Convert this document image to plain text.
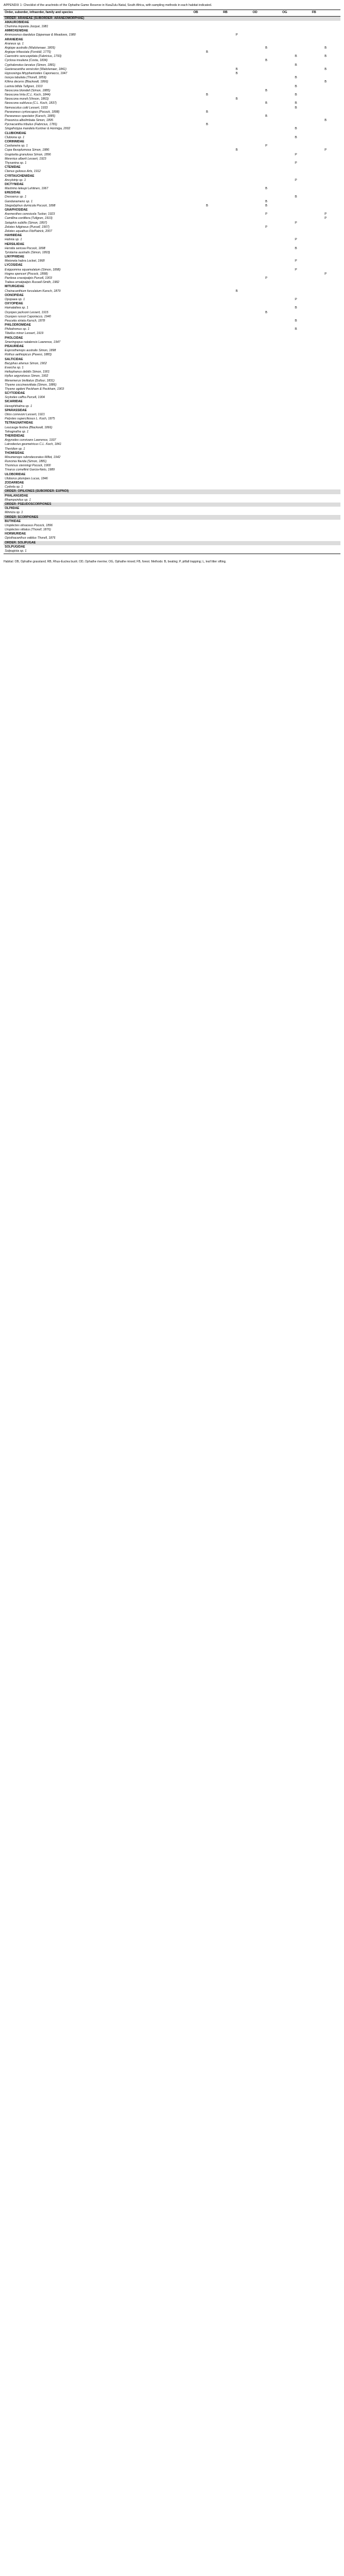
APPENDIX 1: Checklist of the arachnids of the Ophathe Game Reserve in KwaZulu-Natal, South Africa, with sampling methods in each habitat indicated.

Order, suborder, infraorder, family and species	OB	RB	OD	OG	FB
ORDER: ARANEAE (SUBORDER: ARANEOMORPHAE)					
AMAUROBIIDAE					
Chumma inquieta Jocqué, 1981					
AMMOXENIDAE					
Ammoxenus daedalus Dippenaar & Meadows, 1980		P			
ARANEIDAE					
Araneus sp. 1					
Argiope australis (Walckenaer, 1805)			B		B
Argiope trifasciata (Forskål, 1775)	B				
Caerostris sexcuspidata (Fabricius, 1793)				B	B
Cyclosa insulana (Costa, 1834)			B		
Cyphalonotus larvatus (Simon, 1881)				B	
Gasteracantha versicolor (Walckenaer, 1841)		B			B
Hypsosinga lithyphantoides Caporiacco, 1947		B			
Isoxya tabulata (Thorell, 1859)				B	
Kilima decens (Blackwall, 1866)					B
Larinia bifida Tullgren, 1910				B	
Neoscona blondeli (Simon, 1885)			B		
Neoscona hirta (C.L. Koch, 1844)	B			B	
Neoscona moreli (Vinson, 1863)		B			
Neoscona subfusca (C.L. Koch, 1837)			B	B	
Nemoscolus cotti Lessert, 1933				B	
Pararaneus cyrtoscapus (Pocock, 1898)	B				
Pararaneus spectator (Karsch, 1885)			B		
Prasonica albolimbata Simon, 1895					B
Pycnacantha tribulus (Fabricius, 1781)	B				
Singafrotypa mandela Kuntner & Hormiga, 2002				B	
CLUBIONIDAE					
Clubiona sp. 1				B	
CORINNIDAE					
Castianeira sp. 1			P		
Copa flavoplumosa Simon, 1886		B			P
Graptartia granulosa Simon, 1896				P	
Merenius alberti Lessert, 1923					
Thysanina sp. 1				P	
CTENIDAE					
Ctenus gulosus Arts, 1912					
CYRTAUCHENIIDAE					
Ancylotrip sp. 1				P	
DICTYNIDAE					
Mashimo leleupi Lehtinen, 1967			B		
ERESIDAE					
Dresserus sp. 1				B	
Gandanameno sp. 1			B		
Stegodyphus dumicola Pocock, 1898	B		B		
GNAPHOSIDAE					
Asemesthes ceresicola Tucker, 1923			P		P
Camillina cordifera (Tullgren, 1910)					P
Setaphis subtilis (Simon, 1897)				P	
Zelotes fuligineus (Purcell, 1907)			P		
Zelotes uquathus FitzPatrick, 2007					
HAHNIIDAE					
Hahnia sp. 1				P	
HERSILIIDAE					
Hersilia sericea Pocock, 1898				B	
Tyrotama australis (Simon, 1893)					
LINYPHIIDAE					
Meioneta habra Locket, 1968				P	
LYCOSIDAE					
Evippomma squamulatum (Simon, 1898)				P	
Hogna spenceri (Pocock, 1898)					P
Pardosa crassipalpis Purcell, 1903			P		
Trabea ornatipalpis Russell-Smith, 1982					
MITURGIDAE					
Cheiracanthium furculatum Karsch, 1879		B			
OONOPIDAE					
Opopaea sp. 1				P	
OXYOPIDAE					
Hamataliwa sp. 1				B	
Oxyopes jacksoni Lessert, 1915			B		
Oxyopes russoi Caporiacco, 1940					
Peucetia striata Karsch, 1878				B	
PHILODROMIDAE					
Philodromus sp. 1				B	
Tibellus minor Lessert, 1919					
PHOLCIDAE					
Smeringopus natalensis Lawrence, 1947					
PISAURIDAE					
Euprosthenops australis Simon, 1898					
Rothus aethiopicus (Pavesi, 1883)					
SALTICIDAE					
Baryphas ahenus Simon, 1902					
Evarcha sp. 1					
Heliophanus debilis Simon, 1901					
Hyllus argyrotoxus Simon, 1902					
Menemerus bivittatus (Dufour, 1831)					
Thyene coccineovittata (Simon, 1886)					
Thyene ogdeni Peckham & Peckham, 1903					
SCYTODIDAE					
Scytodes caffra Purcell, 1904					
SICARIIDAE					
Hexophthalma sp. 1					
SPARASSIDAE					
Olios correvoni Lessert, 1921					
Palystes superciliosus L. Koch, 1875					
TETRAGNATHIDAE					
Leucauge festiva (Blackwall, 1866)					
Tetragnatha sp. 1					
THERIDIIDAE					
Argyrodes convivans Lawrence, 1937					
Latrodectus geometricus C.L. Koch, 1841					
Theridion sp. 1					
THOMISIDAE					
Misumenops rubrodecoratus Millot, 1942					
Runcinia flavida (Simon, 1881)					
Thomisus stenningi Pocock, 1900					
Tmarus comellinii Garcia-Neto, 1989					
ULOBORIDAE					
Uloborus plumipes Lucas, 1846					
ZODARIIDAE					
Cydrela sp. 1					
ORDER: OPILIONES (SUBORDER: EUPNOI)					
PHALANGIIDAE					
Rhampsinitus sp. 1					
ORDER: PSEUDOSCORPIONES					
OLPIIDAE					
Minniza sp. 1					
ORDER: SCORPIONES					
BUTHIDAE					
Uroplectes olivaceus Pocock, 1896					
Uroplectes vittatus (Thorell, 1876)					
HORMURIDAE					
Opisthacanthus validus Thorell, 1876					
ORDER: SOLIFUGAE					
SOLPUGIDAE					
Solpugista sp. 1					

Habitat: OB, Ophathe grassland; RB, Rhus-Euclea bush; OD, Ophathe riverine; OG, Ophathe mixed; FB, forest. Methods: B, beating; P, pitfall trapping; L, leaf litter sifting.
